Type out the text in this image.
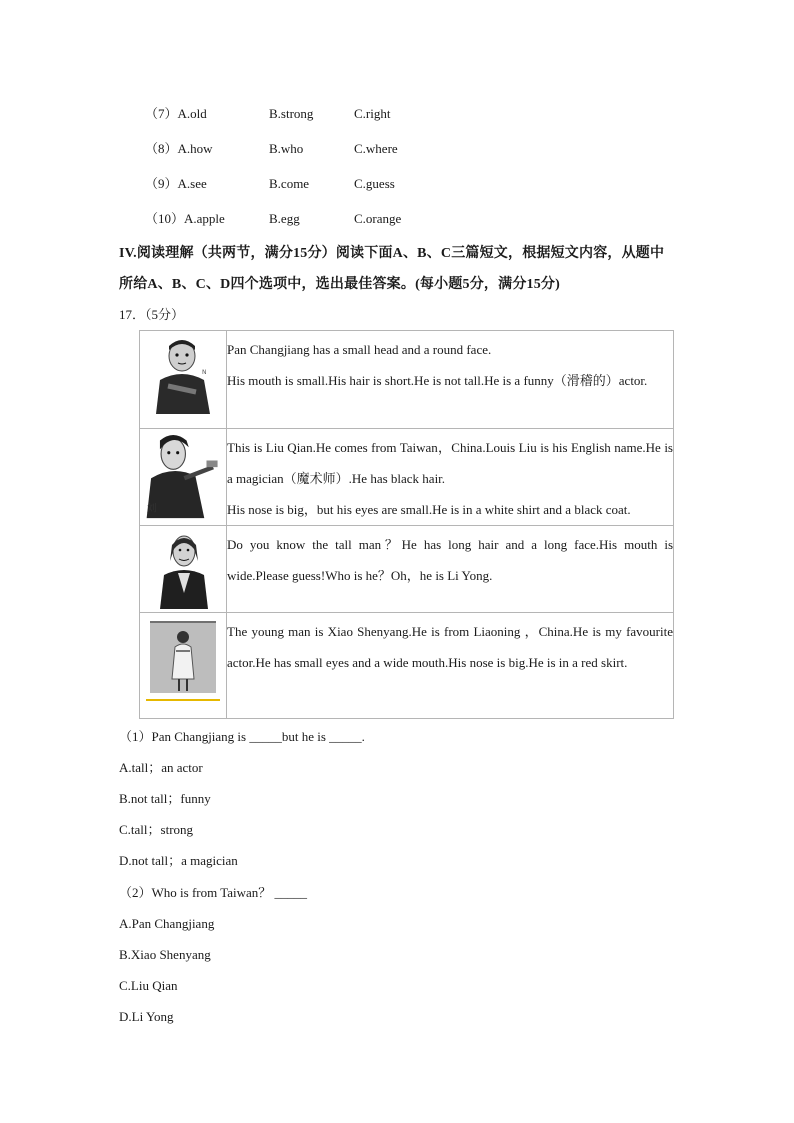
（7）A.old	B.strong	C.right
（8）A.how	B.who	C.where
（9）A.see	B.come	C.guess
（10）A.apple	B.egg	C.orange
IV.阅读理解（共两节，满分15分）阅读下面A、B、C三篇短文，根据短文内容，从题中
所给A、B、C、D四个选项中，选出最佳答案。(每小题5分，满分15分)
17．（5分）
N	Pan Changjiang has a small head and a round face.

His mouth is small.His hair is short.He is not tall.He is a funny（滑稽的）actor.

刘	This is Liu Qian.He comes from Taiwan，China.Louis Liu is his English name.He is a magician（魔术师）.He has black hair.

His nose is big，but his eyes are small.He is in a white shirt and a black coat.

Do you know the tall man？He has long hair and a long face.His mouth is wide.Please guess!Who is he？Oh，he is Li Yong.

The young man is Xiao Shenyang.He is from Liaoning ，China.He is my favourite actor.He has small eyes and a wide mouth.His nose is big.He is in a red skirt.

（1）Pan Changjiang is _____but he is _____.
A.tall；an actor
B.not tall；funny
C.tall；strong
D.not tall；a magician
（2）Who is from Taiwan？ _____
A.Pan Changjiang
B.Xiao Shenyang
C.Liu Qian
D.Li Yong
